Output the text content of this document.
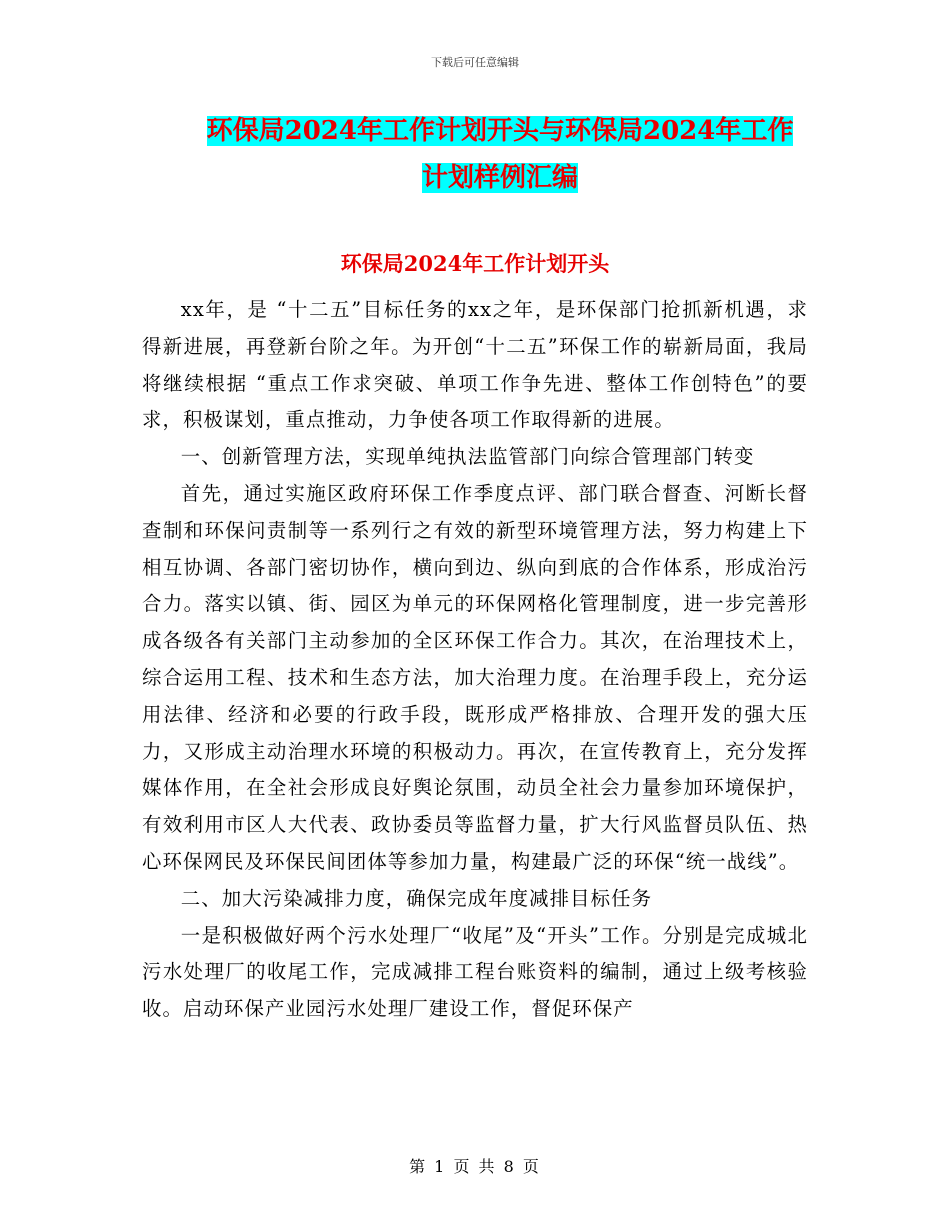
下载后可任意编辑
环保局2024年工作计划开头与环保局2024年工作计划样例汇编
环保局2024年工作计划开头

xx年，是 “十二五”目标任务的xx之年，是环保部门抢抓新机遇，求得新进展，再登新台阶之年。为开创“十二五”环保工作的崭新局面，我局将继续根据 “重点工作求突破、单项工作争先进、整体工作创特色”的要求，积极谋划，重点推动，力争使各项工作取得新的进展。

一、创新管理方法，实现单纯执法监管部门向综合管理部门转变

首先，通过实施区政府环保工作季度点评、部门联合督查、河断长督查制和环保问责制等一系列行之有效的新型环境管理方法，努力构建上下相互协调、各部门密切协作，横向到边、纵向到底的合作体系，形成治污合力。落实以镇、街、园区为单元的环保网格化管理制度，进一步完善形成各级各有关部门主动参加的全区环保工作合力。其次，在治理技术上，综合运用工程、技术和生态方法，加大治理力度。在治理手段上，充分运用法律、经济和必要的行政手段，既形成严格排放、合理开发的强大压力，又形成主动治理水环境的积极动力。再次，在宣传教育上，充分发挥媒体作用，在全社会形成良好舆论氛围，动员全社会力量参加环境保护，有效利用市区人大代表、政协委员等监督力量，扩大行风监督员队伍、热心环保网民及环保民间团体等参加力量，构建最广泛的环保“统一战线”。

二、加大污染减排力度，确保完成年度减排目标任务

一是积极做好两个污水处理厂“收尾”及“开头”工作。分别是完成城北污水处理厂的收尾工作，完成减排工程台账资料的编制，通过上级考核验收。启动环保产业园污水处理厂建设工作，督促环保产

第 1 页 共 8 页
